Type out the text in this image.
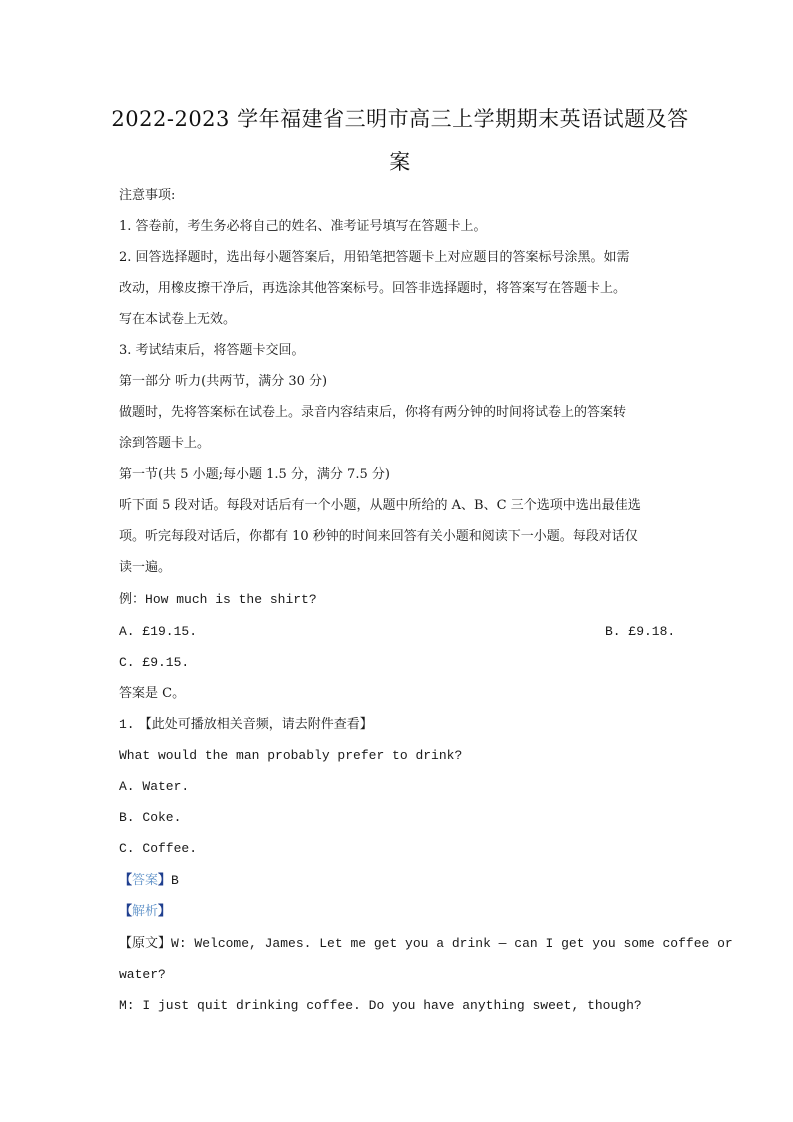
2022-2023 学年福建省三明市高三上学期期末英语试题及答
案
注意事项:
1. 答卷前，考生务必将自己的姓名、准考证号填写在答题卡上。
2. 回答选择题时，选出每小题答案后，用铅笔把答题卡上对应题目的答案标号涂黑。如需
改动，用橡皮擦干净后，再选涂其他答案标号。回答非选择题时，将答案写在答题卡上。
写在本试卷上无效。
3. 考试结束后，将答题卡交回。
第一部分 听力(共两节，满分 30 分)
做题时，先将答案标在试卷上。录音内容结束后，你将有两分钟的时间将试卷上的答案转
涂到答题卡上。
第一节(共 5 小题;每小题 1.5 分，满分 7.5 分)
听下面 5 段对话。每段对话后有一个小题，从题中所给的 A、B、C 三个选项中选出最佳选
项。听完每段对话后，你都有 10 秒钟的时间来回答有关小题和阅读下一小题。每段对话仅
读一遍。
例：How much is the shirt?
A. £19.15.	B. £9.18.
C. £9.15.
答案是 C。
1. 【此处可播放相关音频，请去附件查看】
What would the man probably prefer to drink?
A. Water.
B. Coke.
C. Coffee.
【答案】B
【解析】
【原文】W: Welcome, James. Let me get you a drink — can I get you some coffee or
water?
M: I just quit drinking coffee. Do you have anything sweet, though?
